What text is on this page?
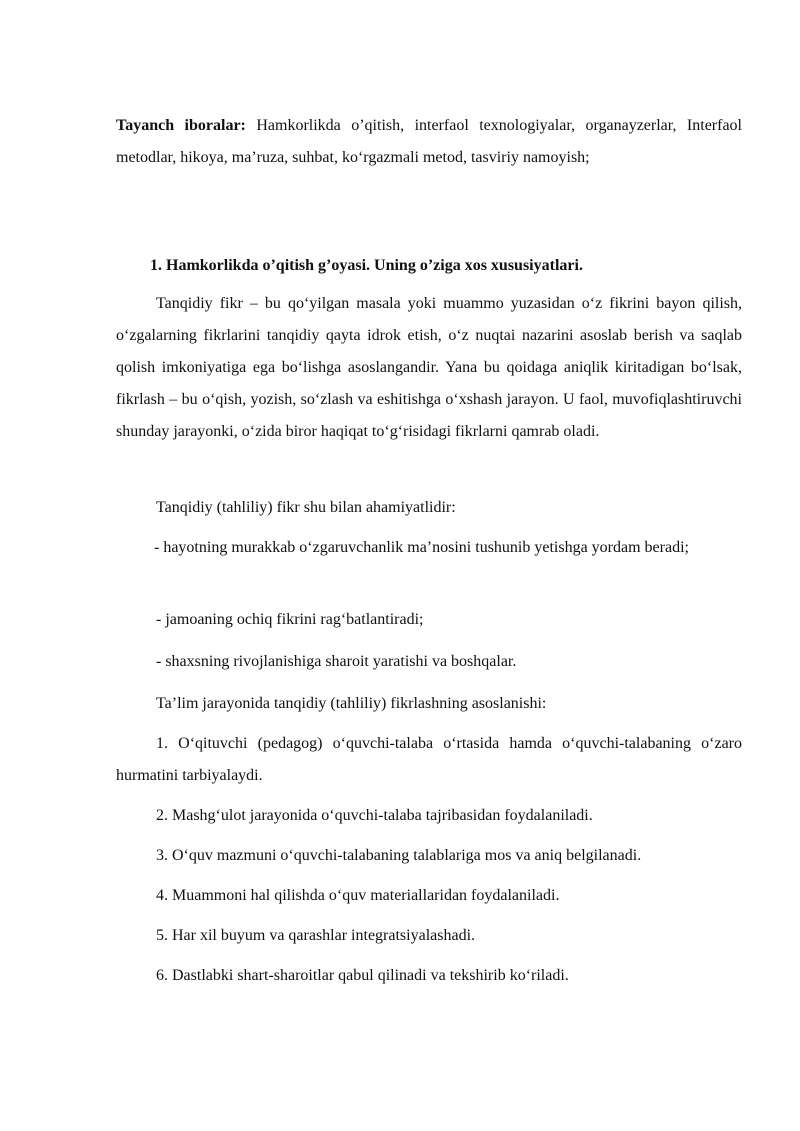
Tayanch iboralar: Hamkorlikda o’qitish, interfaol texnologiyalar, organayzerlar, Interfaol metodlar, hikoya, ma’ruza, suhbat, ko‘rgazmali metod, tasviriy namoyish;

1. Hamkorlikda o’qitish g’oyasi. Uning o’ziga xos xususiyatlari.

Tanqidiy fikr – bu qo‘yilgan masala yoki muammo yuzasidan o‘z fikrini bayon qilish, o‘zgalarning fikrlarini tanqidiy qayta idrok etish, o‘z nuqtai nazarini asoslab berish va saqlab qolish imkoniyatiga ega bo‘lishga asoslangandir. Yana bu qoidaga aniqlik kiritadigan bo‘lsak, fikrlash – bu o‘qish, yozish, so‘zlash va eshitishga o‘xshash jarayon. U faol, muvofiqlashtiruvchi shunday jarayonki, o‘zida biror haqiqat to‘g‘risidagi fikrlarni qamrab oladi.

Tanqidiy (tahliliy) fikr shu bilan ahamiyatlidir:

- hayotning murakkab o‘zgaruvchanlik ma’nosini tushunib yetishga yordam beradi;

- jamoaning ochiq fikrini rag‘batlantiradi;

- shaxsning rivojlanishiga sharoit yaratishi va boshqalar.

Ta’lim jarayonida tanqidiy (tahliliy) fikrlashning asoslanishi:

1. O‘qituvchi (pedagog) o‘quvchi-talaba o‘rtasida hamda o‘quvchi-talabaning o‘zaro hurmatini tarbiyalaydi.

2. Mashg‘ulot jarayonida o‘quvchi-talaba tajribasidan foydalaniladi.

3. O‘quv mazmuni o‘quvchi-talabaning talablariga mos va aniq belgilanadi.

4. Muammoni hal qilishda o‘quv materiallaridan foydalaniladi.

5. Har xil buyum va qarashlar integratsiyalashadi.

6. Dastlabki shart-sharoitlar qabul qilinadi va tekshirib ko‘riladi.
